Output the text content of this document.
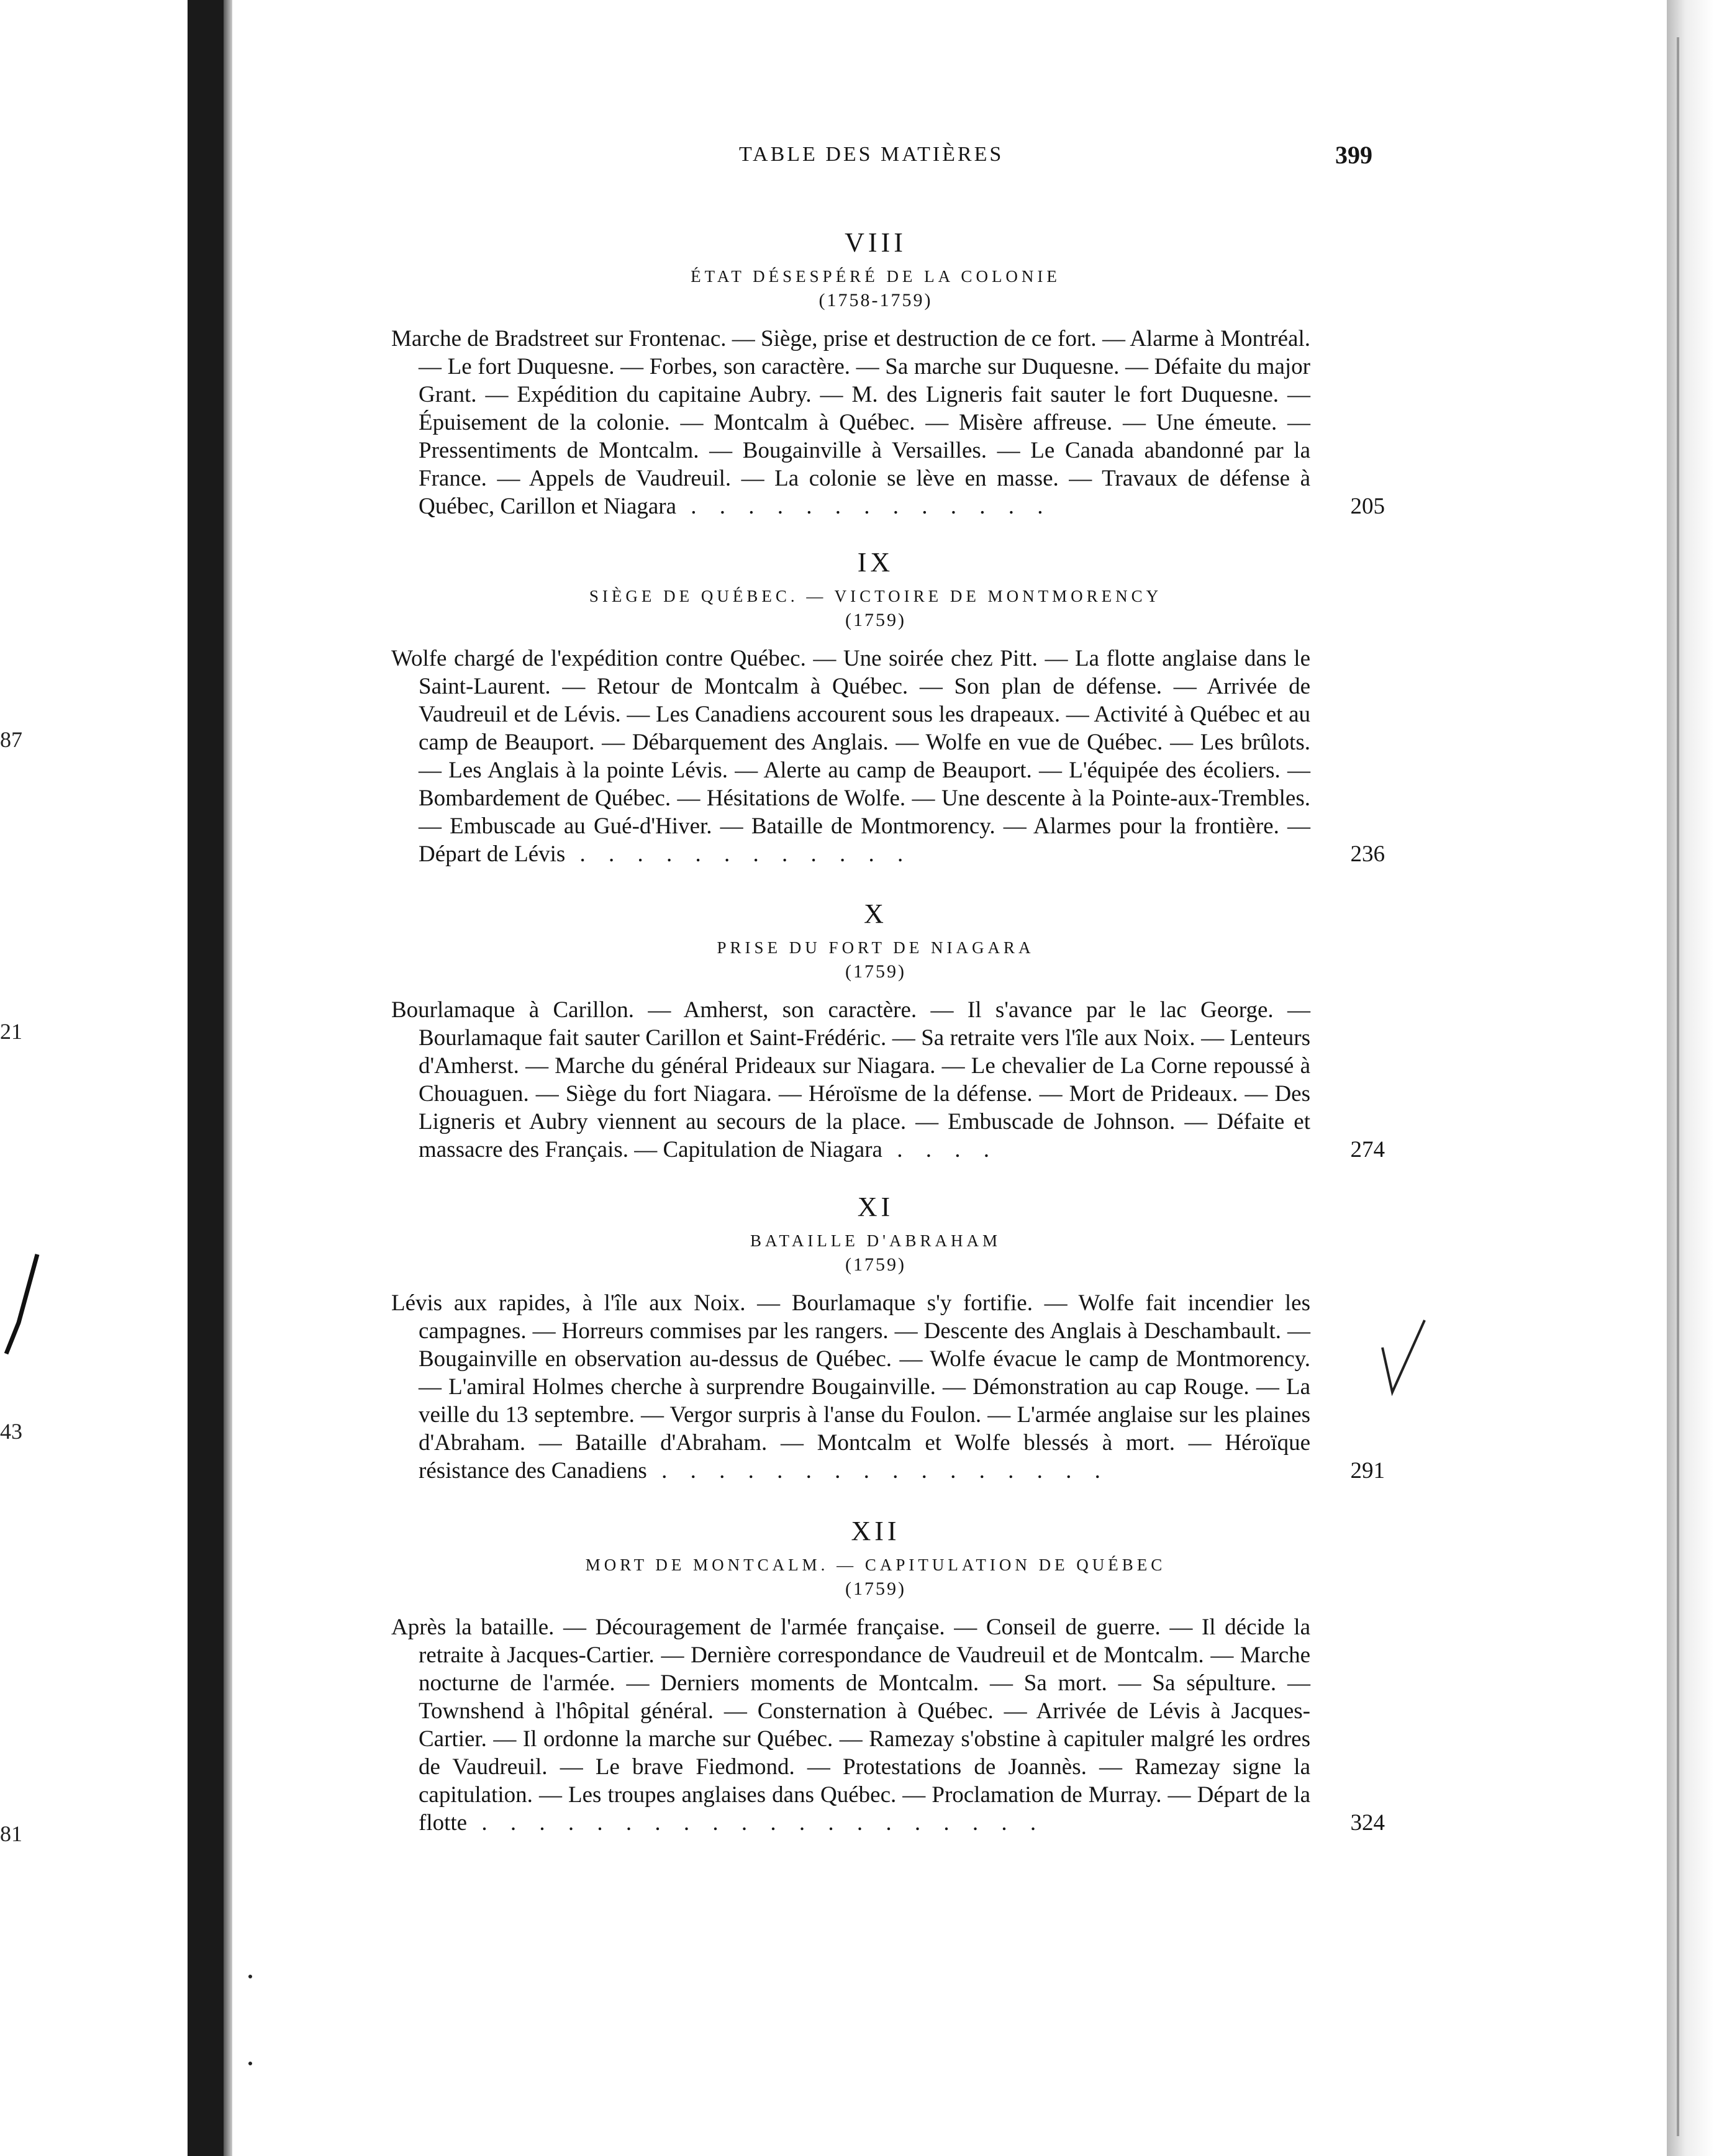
87
21
43
81
TABLE DES MATIÈRES	399
VIII
ÉTAT DÉSESPÉRÉ DE LA COLONIE
(1758-1759)
Marche de Bradstreet sur Frontenac. — Siège, prise et destruction de ce fort. — Alarme à Montréal. — Le fort Duquesne. — Forbes, son caractère. — Sa marche sur Duquesne. — Défaite du major Grant. — Expédition du capitaine Aubry. — M. des Ligneris fait sauter le fort Duquesne. — Épuisement de la colonie. — Montcalm à Québec. — Misère affreuse. — Une émeute. — Pressentiments de Montcalm. — Bougainville à Versailles. — Le Canada abandonné par la France. — Appels de Vaudreuil. — La colonie se lève en masse. — Travaux de défense à Québec, Carillon et Niagara . . . . . . . . . . . . .	205
IX
SIÈGE DE QUÉBEC. — VICTOIRE DE MONTMORENCY
(1759)
Wolfe chargé de l'expédition contre Québec. — Une soirée chez Pitt. — La flotte anglaise dans le Saint-Laurent. — Retour de Montcalm à Québec. — Son plan de défense. — Arrivée de Vaudreuil et de Lévis. — Les Canadiens accourent sous les drapeaux. — Activité à Québec et au camp de Beauport. — Débarquement des Anglais. — Wolfe en vue de Québec. — Les brûlots. — Les Anglais à la pointe Lévis. — Alerte au camp de Beauport. — L'équipée des écoliers. — Bombardement de Québec. — Hésitations de Wolfe. — Une descente à la Pointe-aux-Trembles. — Embuscade au Gué-d'Hiver. — Bataille de Montmorency. — Alarmes pour la frontière. — Départ de Lévis . . . . . . . . . . . .	236
X
PRISE DU FORT DE NIAGARA
(1759)
Bourlamaque à Carillon. — Amherst, son caractère. — Il s'avance par le lac George. — Bourlamaque fait sauter Carillon et Saint-Frédéric. — Sa retraite vers l'île aux Noix. — Lenteurs d'Amherst. — Marche du général Prideaux sur Niagara. — Le chevalier de La Corne repoussé à Chouaguen. — Siège du fort Niagara. — Héroïsme de la défense. — Mort de Prideaux. — Des Ligneris et Aubry viennent au secours de la place. — Embuscade de Johnson. — Défaite et massacre des Français. — Capitulation de Niagara . . . .	274
XI
BATAILLE D'ABRAHAM
(1759)
Lévis aux rapides, à l'île aux Noix. — Bourlamaque s'y fortifie. — Wolfe fait incendier les campagnes. — Horreurs commises par les rangers. — Descente des Anglais à Deschambault. — Bougainville en observation au-dessus de Québec. — Wolfe évacue le camp de Montmorency. — L'amiral Holmes cherche à surprendre Bougainville. — Démonstration au cap Rouge. — La veille du 13 septembre. — Vergor surpris à l'anse du Foulon. — L'armée anglaise sur les plaines d'Abraham. — Bataille d'Abraham. — Montcalm et Wolfe blessés à mort. — Héroïque résistance des Canadiens . . . . . . . . . . . . . . . .	291
XII
MORT DE MONTCALM. — CAPITULATION DE QUÉBEC
(1759)
Après la bataille. — Découragement de l'armée française. — Conseil de guerre. — Il décide la retraite à Jacques-Cartier. — Dernière correspondance de Vaudreuil et de Montcalm. — Marche nocturne de l'armée. — Derniers moments de Montcalm. — Sa mort. — Sa sépulture. — Townshend à l'hôpital général. — Consternation à Québec. — Arrivée de Lévis à Jacques-Cartier. — Il ordonne la marche sur Québec. — Ramezay s'obstine à capituler malgré les ordres de Vaudreuil. — Le brave Fiedmond. — Protestations de Joannès. — Ramezay signe la capitulation. — Les troupes anglaises dans Québec. — Proclamation de Murray. — Départ de la flotte . . . . . . . . . . . . . . . . . . . .	324
